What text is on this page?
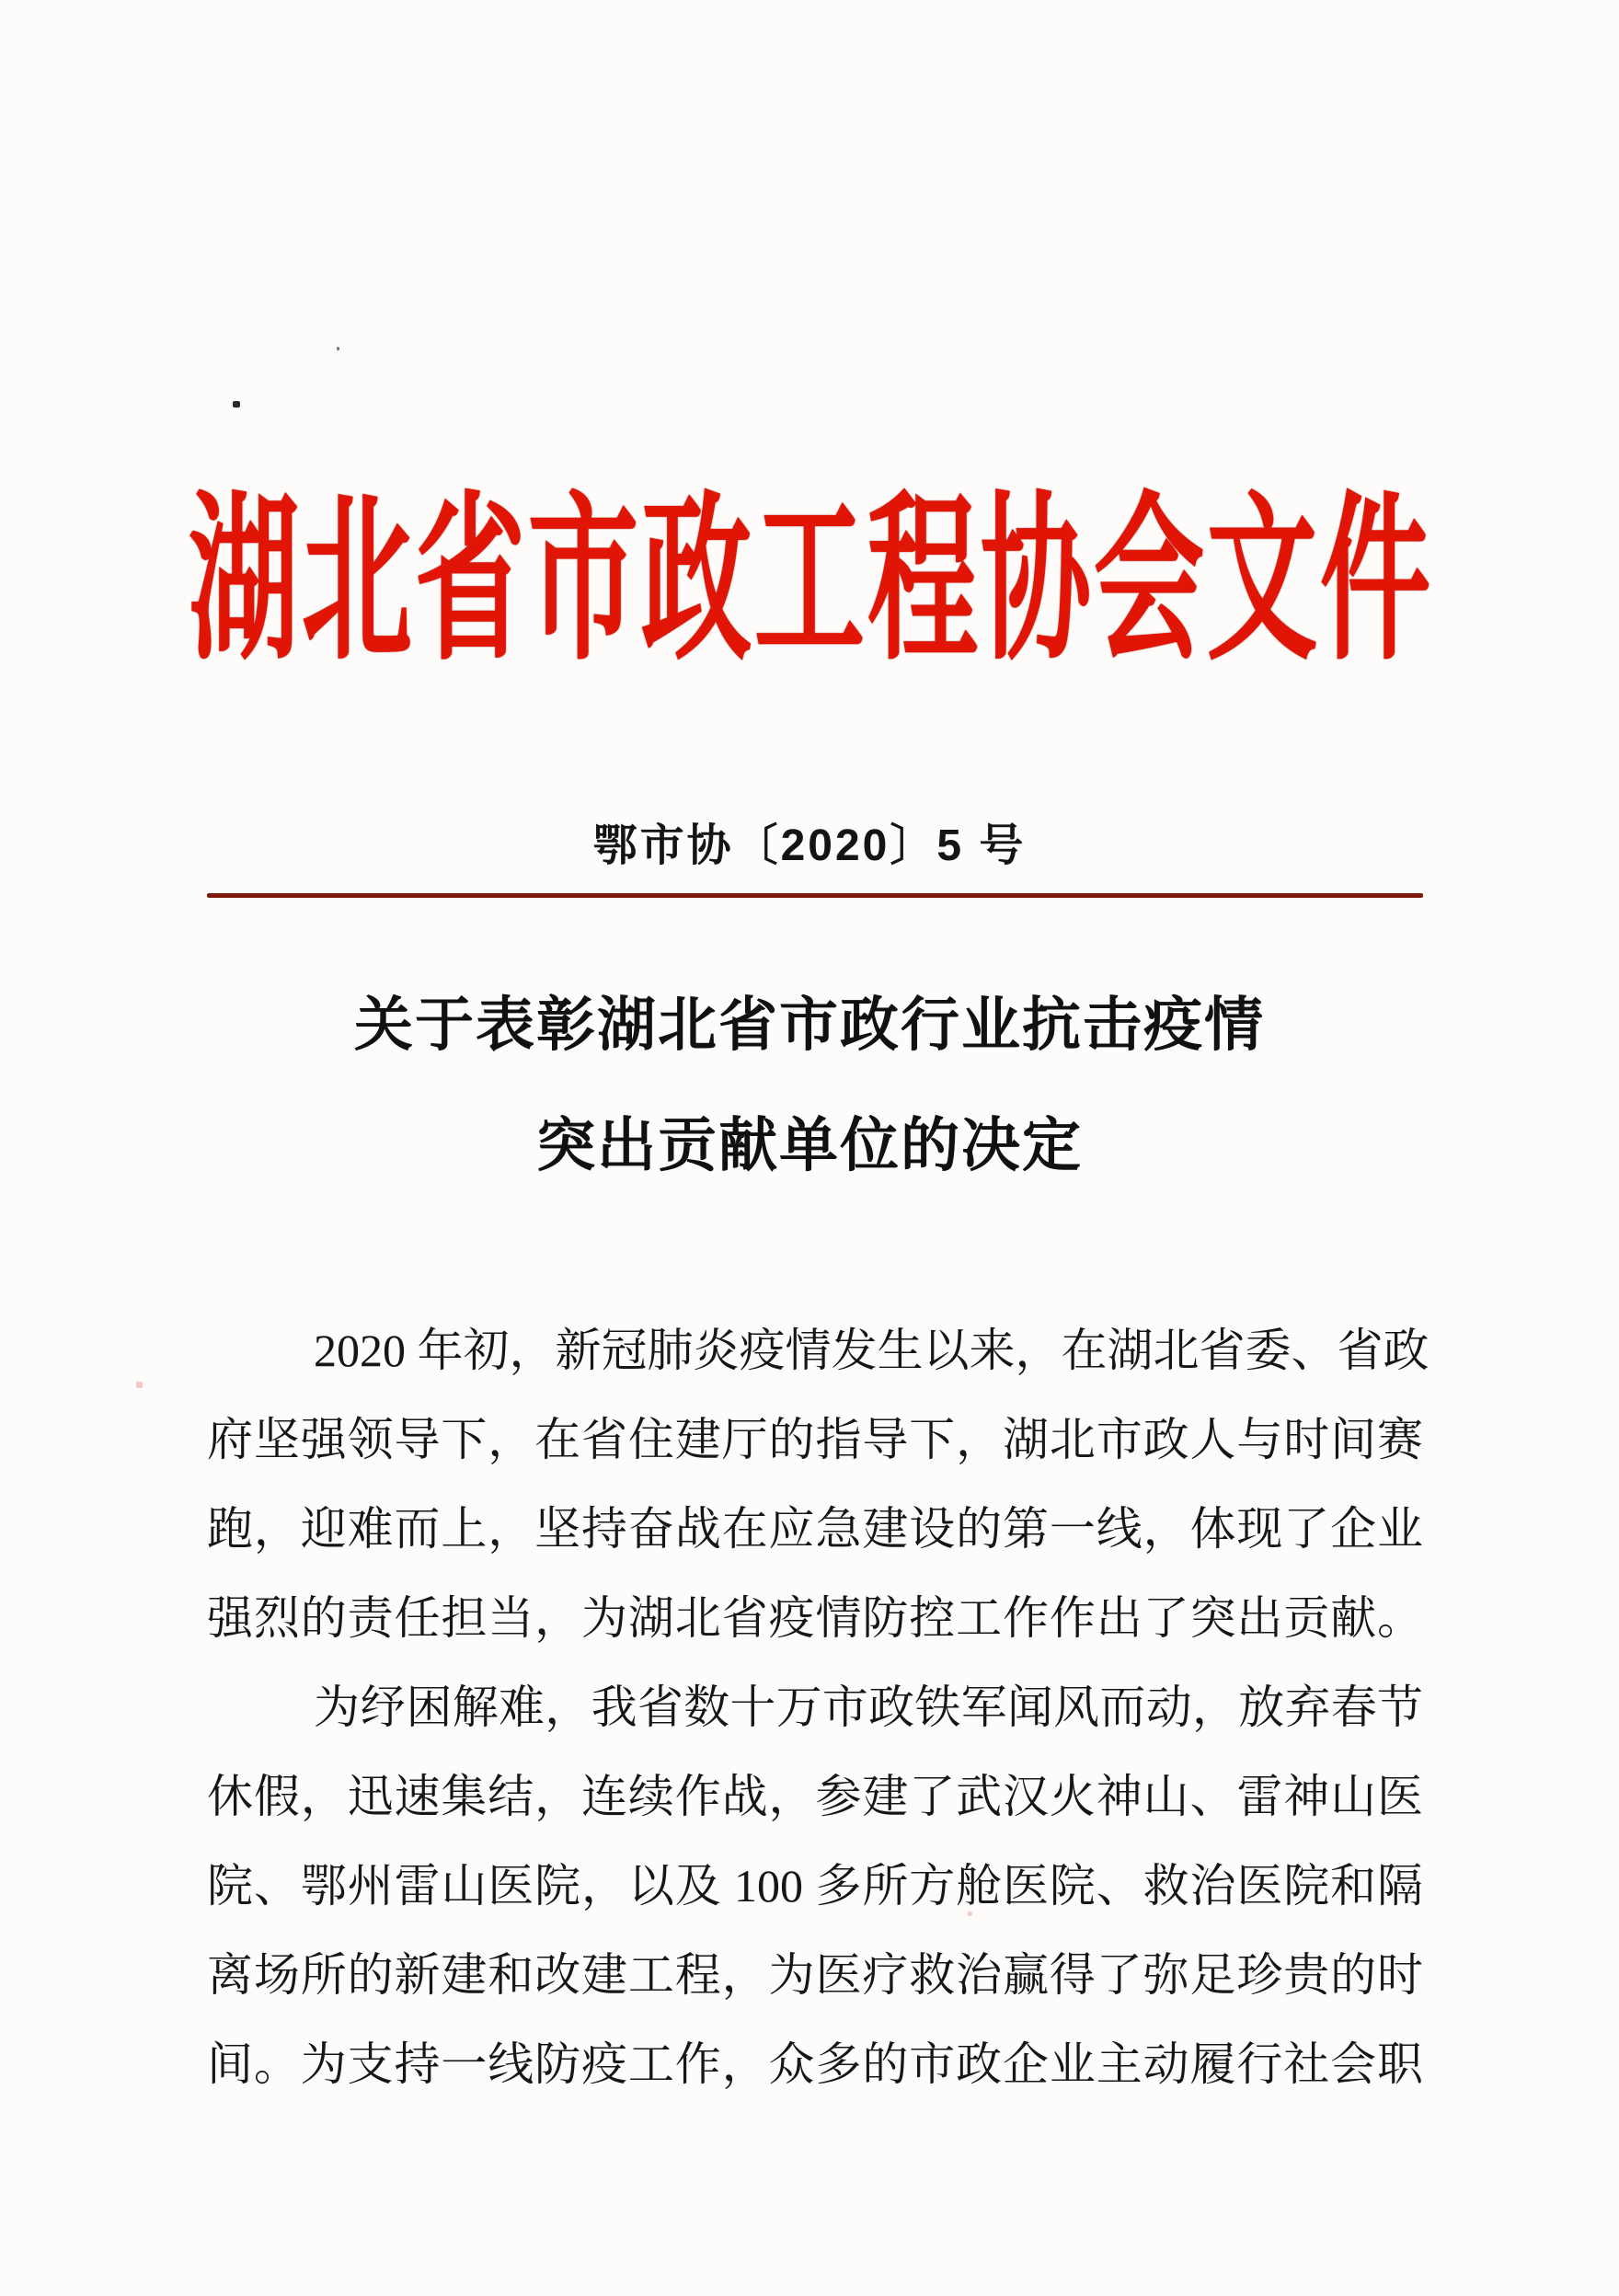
湖北省市政工程协会文件
鄂市协〔2020〕5 号
关于表彰湖北省市政行业抗击疫情
突出贡献单位的决定
2020 年初，新冠肺炎疫情发生以来，在湖北省委、省政
府坚强领导下，在省住建厅的指导下，湖北市政人与时间赛
跑，迎难而上，坚持奋战在应急建设的第一线，体现了企业
强烈的责任担当，为湖北省疫情防控工作作出了突出贡献。
为纾困解难，我省数十万市政铁军闻风而动，放弃春节
休假，迅速集结，连续作战，参建了武汉火神山、雷神山医
院、鄂州雷山医院，以及 100 多所方舱医院、救治医院和隔
离场所的新建和改建工程，为医疗救治赢得了弥足珍贵的时
间。为支持一线防疫工作，众多的市政企业主动履行社会职
